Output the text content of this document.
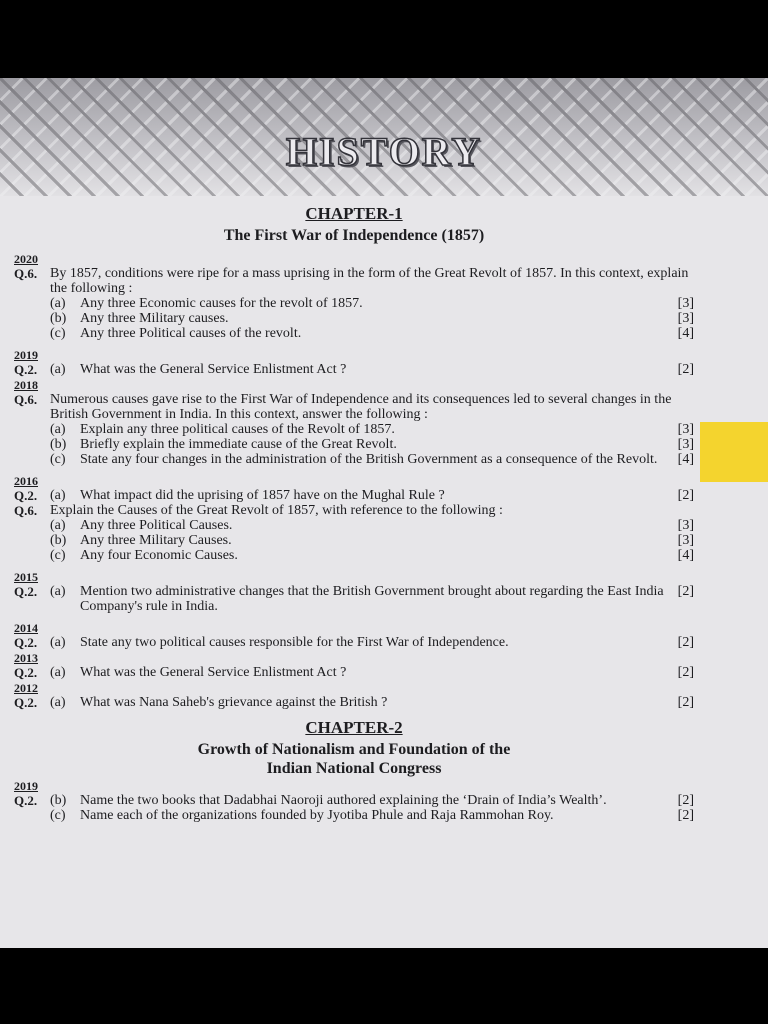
HISTORY
CHAPTER-1
The First War of Independence (1857)
2020
Q.6. By 1857, conditions were ripe for a mass uprising in the form of the Great Revolt of 1857. In this context, explain the following :
(a)	Any three Economic causes for the revolt of 1857.	[3]
(b) Any three Military causes.	[3]
(c)	Any three Political causes of the revolt.	[4]
2019
Q.2. (a)	What was the General Service Enlistment Act ?	[2]
2018
Q.6. Numerous causes gave rise to the First War of Independence and its consequences led to several changes in the British Government in India. In this context, answer the following :
(a)	Explain any three political causes of the Revolt of 1857.	[3]
(b) Briefly explain the immediate cause of the Great Revolt.	[3]
(c)	State any four changes in the administration of the British Government as a consequence of the Revolt.	[4]
2016
Q.2. (a)	What impact did the uprising of 1857 have on the Mughal Rule ?	[2]
Q.6. Explain the Causes of the Great Revolt of 1857, with reference to the following :
(a)	Any three Political Causes.	[3]
(b) Any three Military Causes.	[3]
(c)	Any four Economic Causes.	[4]
2015
Q.2. (a)	Mention two administrative changes that the British Government brought about regarding the East India Company's rule in India.
[2]
2014
Q.2. (a)	State any two political causes responsible for the First War of Independence.	[2]
2013
Q.2. (a)	What was the General Service Enlistment Act ?	[2]
2012
Q.2. (a)	What was Nana Saheb's grievance against the British ?	[2]
CHAPTER-2
Growth of Nationalism and Foundation of the
Indian National Congress
2019
Q.2. (b) Name the two books that Dadabhai Naoroji authored explaining the ‘Drain of India’s Wealth’.	[2]
(c)	Name each of the organizations founded by Jyotiba Phule and Raja Rammohan Roy.	[2]
